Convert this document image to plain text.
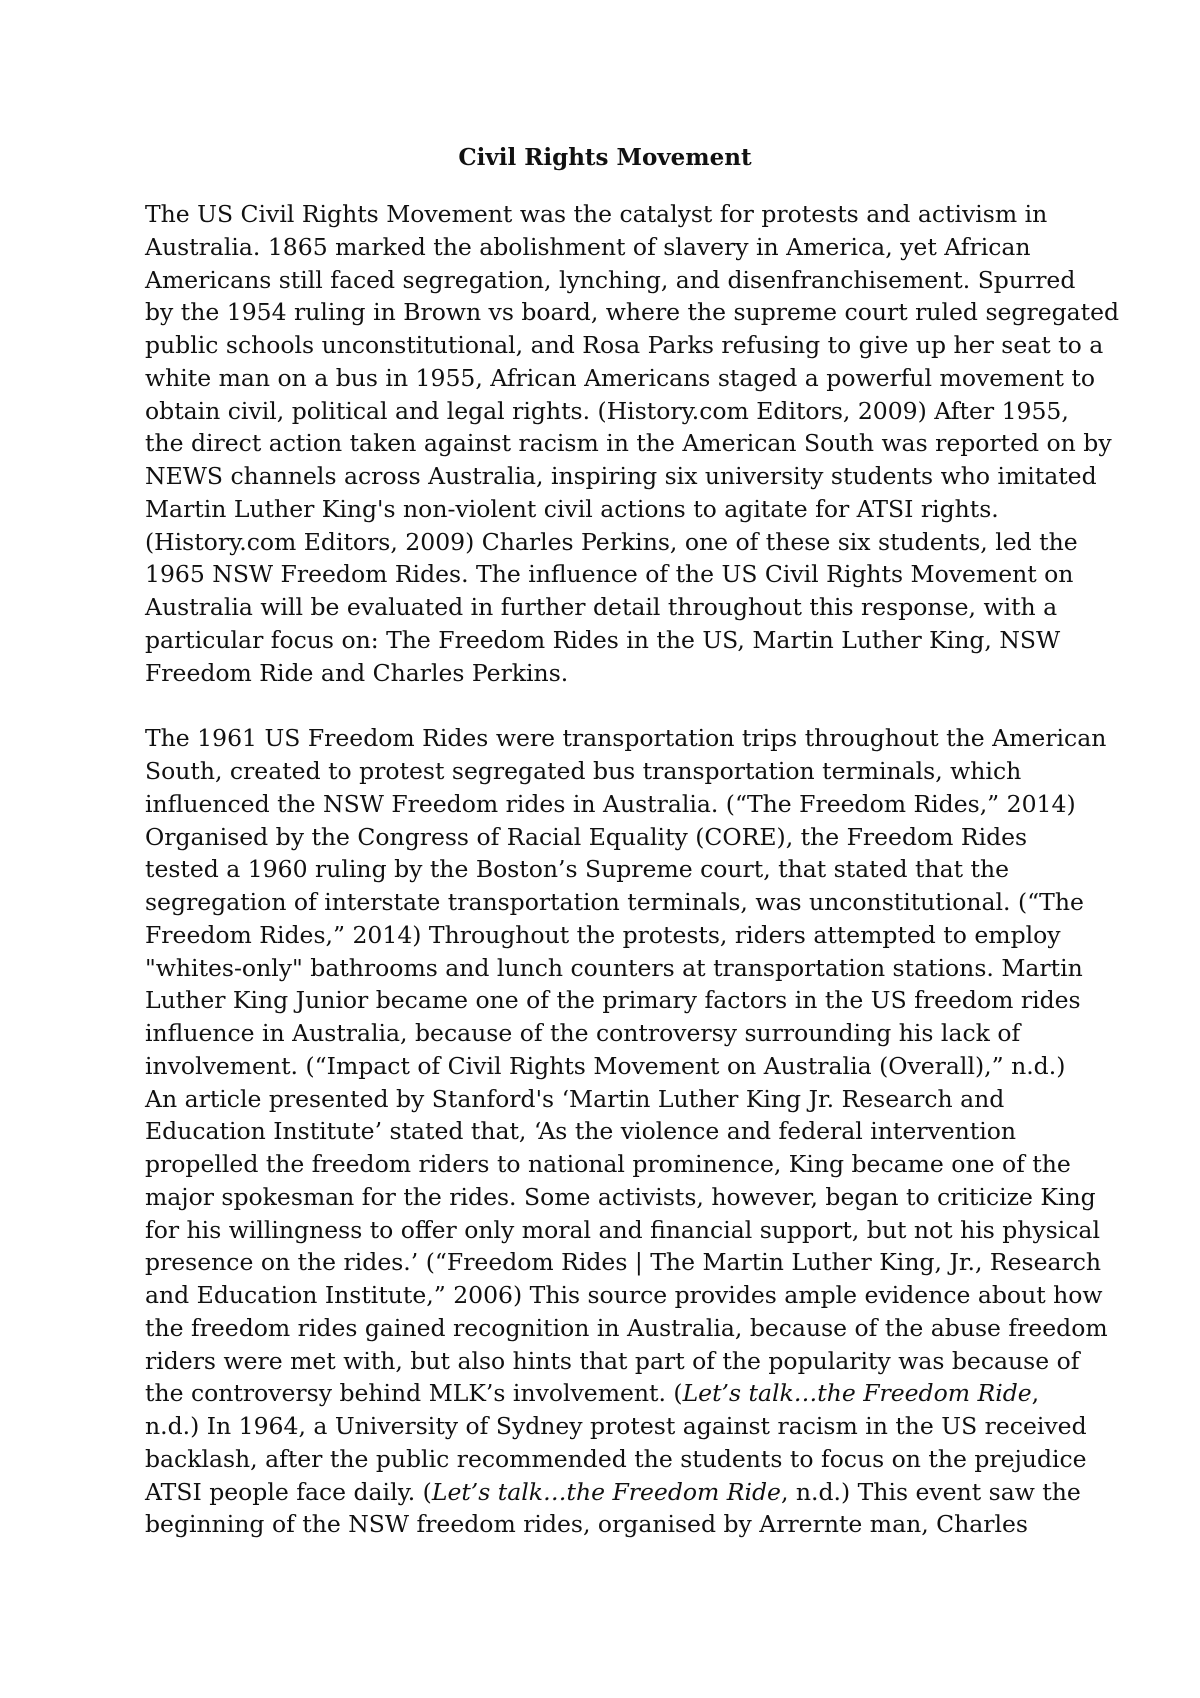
Civil Rights Movement
The US Civil Rights Movement was the catalyst for protests and activism in
Australia. 1865 marked the abolishment of slavery in America, yet African
Americans still faced segregation, lynching, and disenfranchisement. Spurred
by the 1954 ruling in Brown vs board, where the supreme court ruled segregated
public schools unconstitutional, and Rosa Parks refusing to give up her seat to a
white man on a bus in 1955, African Americans staged a powerful movement to
obtain civil, political and legal rights. (History.com Editors, 2009) After 1955,
the direct action taken against racism in the American South was reported on by
NEWS channels across Australia, inspiring six university students who imitated
Martin Luther King's non-violent civil actions to agitate for ATSI rights.
(History.com Editors, 2009) Charles Perkins, one of these six students, led the
1965 NSW Freedom Rides. The influence of the US Civil Rights Movement on
Australia will be evaluated in further detail throughout this response, with a
particular focus on: The Freedom Rides in the US, Martin Luther King, NSW
Freedom Ride and Charles Perkins.
The 1961 US Freedom Rides were transportation trips throughout the American
South, created to protest segregated bus transportation terminals, which
influenced the NSW Freedom rides in Australia. (“The Freedom Rides,” 2014)
Organised by the Congress of Racial Equality (CORE), the Freedom Rides
tested a 1960 ruling by the Boston’s Supreme court, that stated that the
segregation of interstate transportation terminals, was unconstitutional. (“The
Freedom Rides,” 2014) Throughout the protests, riders attempted to employ
"whites-only" bathrooms and lunch counters at transportation stations. Martin
Luther King Junior became one of the primary factors in the US freedom rides
influence in Australia, because of the controversy surrounding his lack of
involvement. (“Impact of Civil Rights Movement on Australia (Overall),” n.d.)
An article presented by Stanford's ‘Martin Luther King Jr. Research and
Education Institute’ stated that, ‘As the violence and federal intervention
propelled the freedom riders to national prominence, King became one of the
major spokesman for the rides. Some activists, however, began to criticize King
for his willingness to offer only moral and financial support, but not his physical
presence on the rides.’ (“Freedom Rides | The Martin Luther King, Jr., Research
and Education Institute,” 2006) This source provides ample evidence about how
the freedom rides gained recognition in Australia, because of the abuse freedom
riders were met with, but also hints that part of the popularity was because of
the controversy behind MLK’s involvement. (Let’s talk…the Freedom Ride,
n.d.) In 1964, a University of Sydney protest against racism in the US received
backlash, after the public recommended the students to focus on the prejudice
ATSI people face daily. (Let’s talk…the Freedom Ride, n.d.) This event saw the
beginning of the NSW freedom rides, organised by Arrernte man, Charles
